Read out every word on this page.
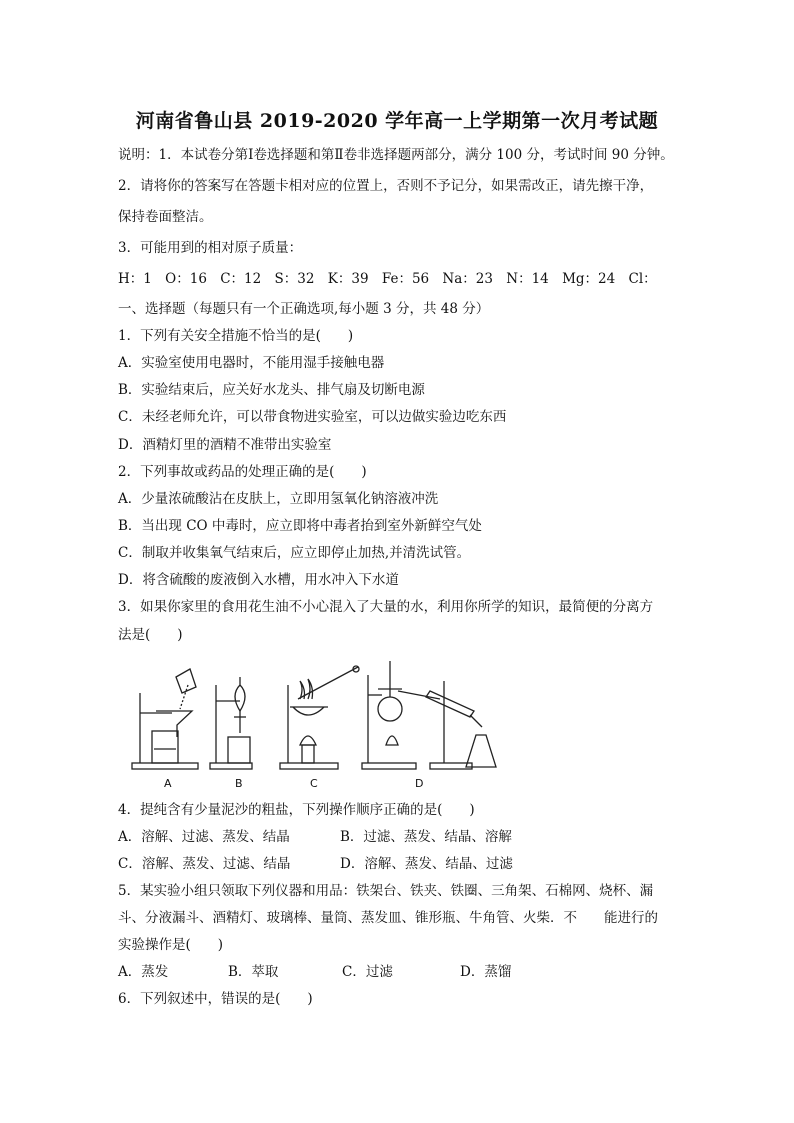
河南省鲁山县 2019-2020 学年高一上学期第一次月考试题
说明：1．本试卷分第Ⅰ卷选择题和第Ⅱ卷非选择题两部分，满分 100 分，考试时间 90 分钟。
2．请将你的答案写在答题卡相对应的位置上，否则不予记分，如果需改正，请先擦干净，
保持卷面整洁。
3．可能用到的相对原子质量：
H：1 O：16 C：12 S：32 K：39 Fe：56 Na：23 N：14 Mg：24 Cl：
一、选择题（每题只有一个正确选项,每小题 3 分，共 48 分）
1．下列有关安全措施不恰当的是(　　)
A．实验室使用电器时，不能用湿手接触电器
B．实验结束后，应关好水龙头、排气扇及切断电源
C．未经老师允许，可以带食物进实验室，可以边做实验边吃东西
D．酒精灯里的酒精不准带出实验室
2．下列事故或药品的处理正确的是(　　)
A．少量浓硫酸沾在皮肤上，立即用氢氧化钠溶液冲洗
B．当出现 CO 中毒时，应立即将中毒者抬到室外新鲜空气处
C．制取并收集氧气结束后，应立即停止加热,并清洗试管。
D．将含硫酸的废液倒入水槽，用水冲入下水道
3．如果你家里的食用花生油不小心混入了大量的水，利用你所学的知识，最简便的分离方
法是(　　)
A	B	C	D
4．提纯含有少量泥沙的粗盐，下列操作顺序正确的是(　　)
A．溶解、过滤、蒸发、结晶	B．过滤、蒸发、结晶、溶解
C．溶解、蒸发、过滤、结晶	D．溶解、蒸发、结晶、过滤
5．某实验小组只领取下列仪器和用品：铁架台、铁夹、铁圈、三角架、石棉网、烧杯、漏
斗、分液漏斗、酒精灯、玻璃棒、量筒、蒸发皿、锥形瓶、牛角管、火柴．不　　能进行的
实验操作是(　　)
A．蒸发	B．萃取	C．过滤	D．蒸馏
6．下列叙述中，错误的是(　　)
